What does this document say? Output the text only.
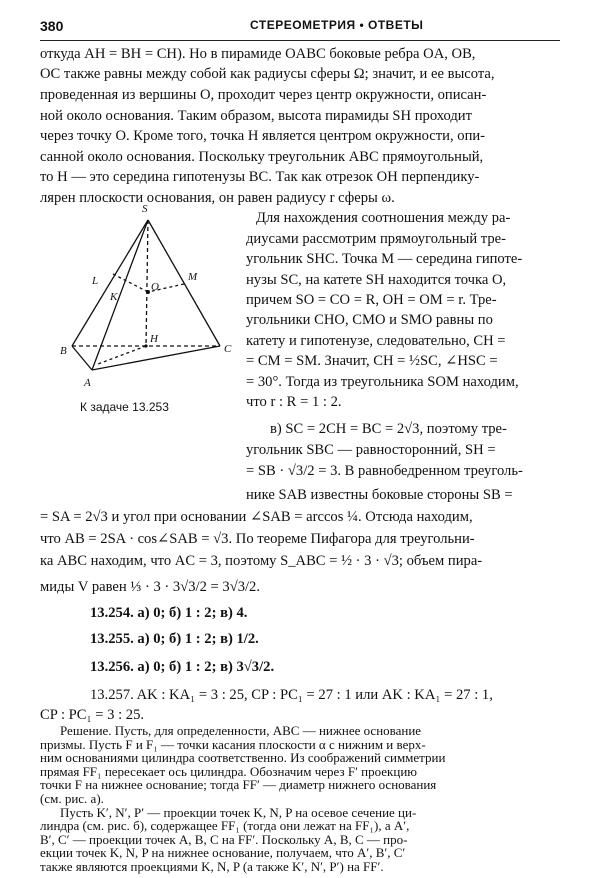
380	СТЕРЕОМЕТРИЯ • ОТВЕТЫ
откуда AH = BH = CH). Но в пирамиде OABC боковые ребра OA, OB,
OC также равны между собой как радиусы сферы Ω; значит, и ее высота,
проведенная из вершины O, проходит через центр окружности, описан-
ной около основания. Таким образом, высота пирамиды SH проходит
через точку O. Кроме того, точка H является центром окружности, опи-
санной около основания. Поскольку треугольник ABC прямоугольный,
то H — это середина гипотенузы BC. Так как отрезок OH перпендику-
лярен плоскости основания, он равен радиусу r сферы ω.
S
L
K
M
O
H
B	C
A
К задаче 13.253
Для нахождения соотношения между ра-
диусами рассмотрим прямоугольный тре-
угольник SHC. Точка M — середина гипоте-
нузы SC, на катете SH находится точка O,
причем SO = CO = R, OH = OM = r. Тре-
угольники CHO, CMO и SMO равны по
катету и гипотенузе, следовательно, CH =
= CM = SM. Значит, CH = ½SC, ∠HSC =
= 30°. Тогда из треугольника SOM находим,
что r : R = 1 : 2.
в) SC = 2CH = BC = 2√3, поэтому тре-
угольник SBC — равносторонний, SH =
= SB · √3/2 = 3. В равнобедренном треуголь-
нике SAB известны боковые стороны SB =
= SA = 2√3 и угол при основании ∠SAB = arccos ¼. Отсюда находим,
что AB = 2SA · cos∠SAB = √3. По теореме Пифагора для треугольни-
ка ABC находим, что AC = 3, поэтому S_ABC = ½ · 3 · √3; объем пира-
миды V равен ⅓ · 3 · 3√3/2 = 3√3/2.
13.254. а) 0; б) 1 : 2; в) 4.
13.255. а) 0; б) 1 : 2; в) 1/2.
13.256. а) 0; б) 1 : 2; в) 3√3/2.
13.257. AK : KA₁ = 3 : 25, CP : PC₁ = 27 : 1 или AK : KA₁ = 27 : 1,
CP : PC₁ = 3 : 25.
Решение. Пусть, для определенности, ABC — нижнее основание
призмы. Пусть F и F₁ — точки касания плоскости α с нижним и верх-
ним основаниями цилиндра соответственно. Из соображений симметрии
прямая FF₁ пересекает ось цилиндра. Обозначим через F′ проекцию
точки F на нижнее основание; тогда FF′ — диаметр нижнего основания
(см. рис. а).
Пусть K′, N′, P′ — проекции точек K, N, P на осевое сечение ци-
линдра (см. рис. б), содержащее FF₁ (тогда они лежат на FF₁), а A′,
B′, C′ — проекции точек A, B, C на FF′. Поскольку A, B, C — про-
екции точек K, N, P на нижнее основание, получаем, что A′, B′, C′
также являются проекциями K, N, P (а также K′, N′, P′) на FF′.
